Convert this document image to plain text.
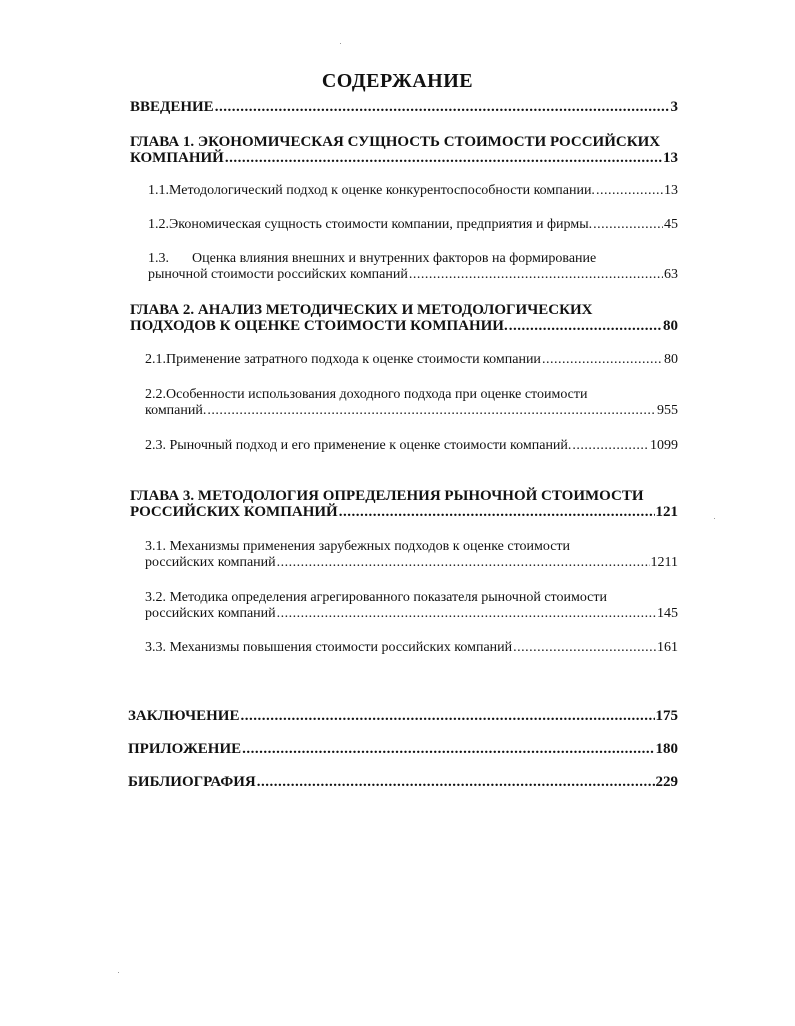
СОДЕРЖАНИЕ
ВВЕДЕНИЕ .....	3
ГЛАВА 1. ЭКОНОМИЧЕСКАЯ СУЩНОСТЬ СТОИМОСТИ РОССИЙСКИХ
КОМПАНИЙ .....	13
1.1. Методологический подход к оценке конкурентоспособности компании. .....	13
1.2. Экономическая сущность стоимости компании, предприятия и фирмы. .....	45
1.3. Оценка влияния внешних и внутренних факторов на формирование
рыночной стоимости российских компаний .....	63
ГЛАВА 2. АНАЛИЗ МЕТОДИЧЕСКИХ И МЕТОДОЛОГИЧЕСКИХ
ПОДХОДОВ К ОЦЕНКЕ СТОИМОСТИ КОМПАНИИ. .....	80
2.1.Применение затратного подхода к оценке стоимости компании .....	80
2.2.Особенности использования доходного подхода при оценке стоимости
компаний. .....	955
2.3. Рыночный подход и его применение к оценке стоимости компаний. .....	1099
ГЛАВА 3. МЕТОДОЛОГИЯ ОПРЕДЕЛЕНИЯ РЫНОЧНОЙ СТОИМОСТИ
РОССИЙСКИХ КОМПАНИЙ .....	121
3.1. Механизмы применения зарубежных подходов к оценке стоимости
российских компаний .....	1211
3.2. Методика определения агрегированного показателя рыночной стоимости
российских компаний .....	145
3.3. Механизмы повышения стоимости российских компаний .....	161
ЗАКЛЮЧЕНИЕ .....	175
ПРИЛОЖЕНИЕ .....	180
БИБЛИОГРАФИЯ .....	229
